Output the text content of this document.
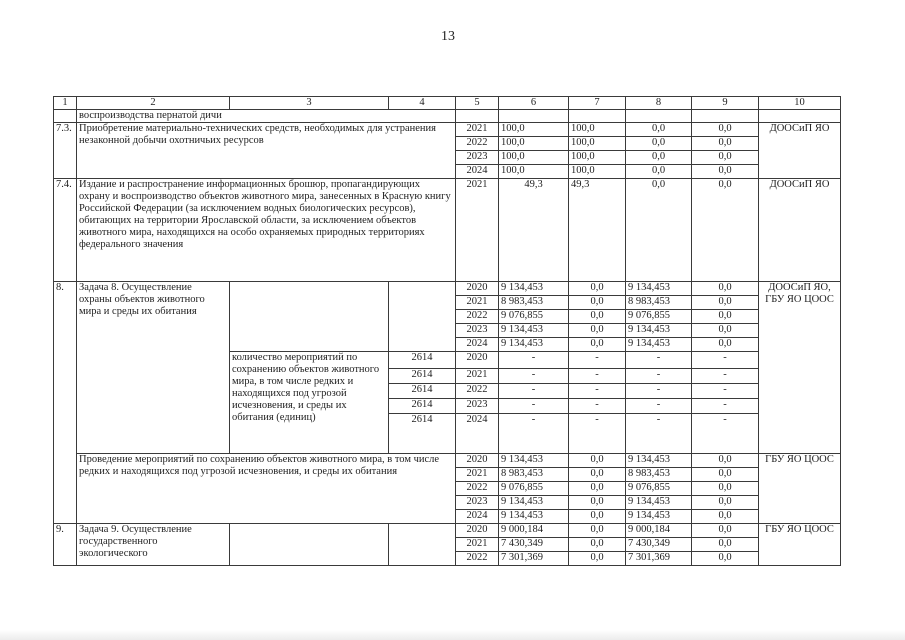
13
1	2	3	4	5	6	7	8	9	10
	воспроизводства пернатой дичи								
7.3.	Приобретение материально-технических средств, необходимых для устранения незаконной добычи охотничьих ресурсов			2021	100,0	100,0	0,0	0,0	ДООСиП ЯО
				2022	100,0	100,0	0,0	0,0	
				2023	100,0	100,0	0,0	0,0	
				2024	100,0	100,0	0,0	0,0	
7.4.	Издание и распространение информационных брошюр, пропагандирующих охрану и воспроизводство объектов животного мира, занесенных в Красную книгу Российской Федерации (за исключением водных биологических ресурсов), обитающих на территории Ярославской области, за исключением объектов животного мира, находящихся на особо охраняемых природных территориях федерального значения			2021	49,3	49,3	0,0	0,0	ДООСиП ЯО
8.	Задача 8. Осуществление охраны объектов животного мира и среды их обитания			2020	9 134,453	0,0	9 134,453	0,0	ДООСиП ЯО, ГБУ ЯО ЦООС
				2021	8 983,453	0,0	8 983,453	0,0	
				2022	9 076,855	0,0	9 076,855	0,0	
				2023	9 134,453	0,0	9 134,453	0,0	
				2024	9 134,453	0,0	9 134,453	0,0	
		количество мероприятий по сохранению объектов животного мира, в том числе редких и находящихся под угрозой исчезновения, и среды их обитания (единиц)	2614	2020	-	-	-	-	
			2614	2021	-	-	-	-	
			2614	2022	-	-	-	-	
			2614	2023	-	-	-	-	
			2614	2024	-	-	-	-	
	Проведение мероприятий по сохранению объектов животного мира, в том числе редких и находящихся под угрозой исчезновения, и среды их обитания			2020	9 134,453	0,0	9 134,453	0,0	ГБУ ЯО ЦООС
				2021	8 983,453	0,0	8 983,453	0,0	
				2022	9 076,855	0,0	9 076,855	0,0	
				2023	9 134,453	0,0	9 134,453	0,0	
				2024	9 134,453	0,0	9 134,453	0,0	
9.	Задача 9. Осуществление государственного экологического			2020	9 000,184	0,0	9 000,184	0,0	ГБУ ЯО ЦООС
				2021	7 430,349	0,0	7 430,349	0,0	
				2022	7 301,369	0,0	7 301,369	0,0	
